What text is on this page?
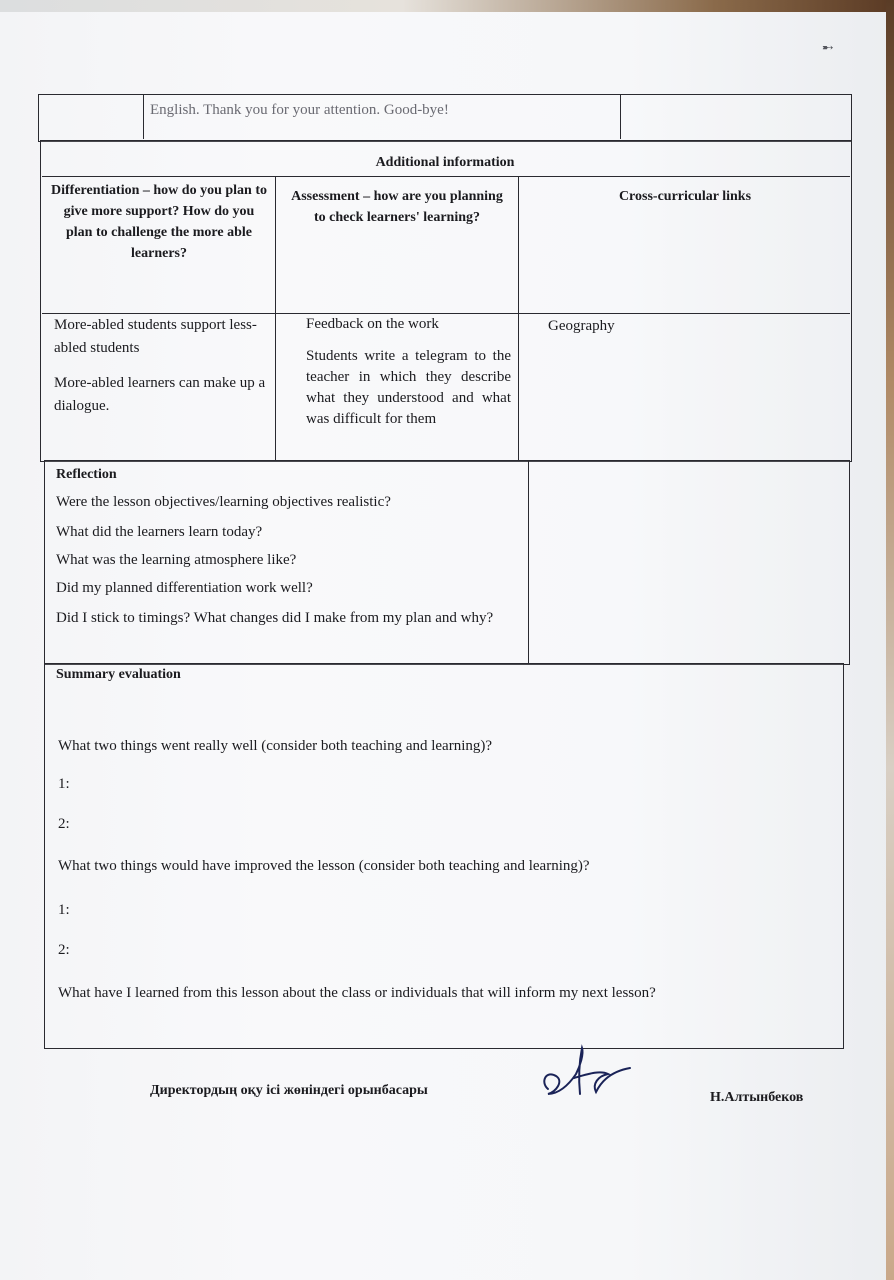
➸
English. Thank you for your attention. Good-bye!
Additional information
Differentiation – how do you plan to give more support? How do you plan to challenge the more able learners?
Assessment – how are you planning to check learners' learning?
Cross-curricular links
More-abled students support less-abled students
More-abled learners can make up a dialogue.
Feedback on the work
Students write a telegram to the teacher in which they describe what they understood and what was difficult for them
Geography
Reflection
Were the lesson objectives/learning objectives realistic?
What did the learners learn today?
What was the learning atmosphere like?
Did my planned differentiation work well?
Did I stick to timings? What changes did I make from my plan and why?
Summary evaluation
What two things went really well (consider both teaching and learning)?
1:
2:
What two things would have improved the lesson (consider both teaching and learning)?
1:
2:
What have I learned from this lesson about the class or individuals that will inform my next lesson?
Директордың оқу ісі жөніндегі орынбасары	Н.Алтынбеков
